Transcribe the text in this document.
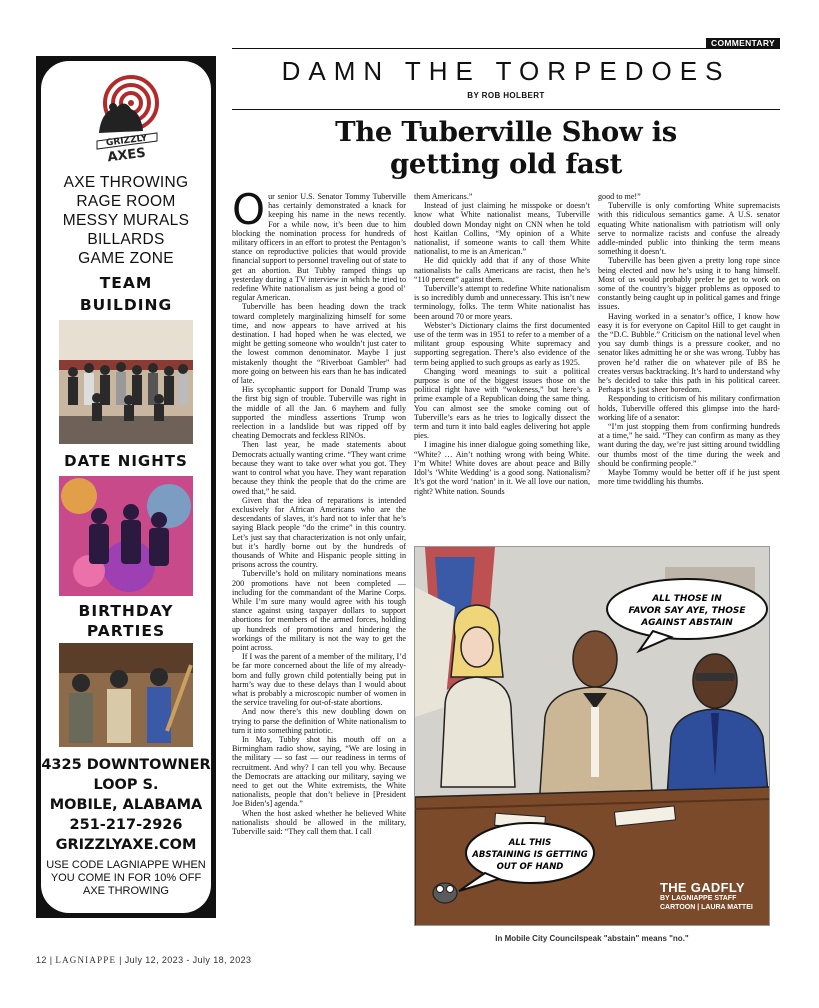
GRIZZLY
AXES
AXE THROWING
RAGE ROOM
MESSY MURALS
BILLARDS
GAME ZONE
TEAM
BUILDING
DATE NIGHTS
BIRTHDAY
PARTIES
4325 DOWNTOWNER
LOOP S.
MOBILE, ALABAMA
251-217-2926
GRIZZLYAXE.COM
USE CODE LAGNIAPPE WHEN
YOU COME IN FOR 10% OFF
AXE THROWING
COMMENTARY
DAMN THE TORPEDOES
BY ROB HOLBERT
The Tuberville Show is
getting old fast

Our senior U.S. Senator Tommy Tuberville has certainly demonstrated a knack for keeping his name in the news recently. For a while now, it’s been due to him blocking the nomination process for hundreds of military officers in an effort to protest the Pentagon’s stance on reproductive policies that would provide financial support to personnel traveling out of state to get an abortion. But Tubby ramped things up yesterday during a TV interview in which he tried to redefine White nationalism as just being a good ol’ regular American.

Tuberville has been heading down the track toward completely marginalizing himself for some time, and now appears to have arrived at his destination. I had hoped when he was elected, we might be getting someone who wouldn’t just cater to the lowest common denominator. Maybe I just mistakenly thought the “Riverboat Gambler” had more going on between his ears than he has indicated of late.

His sycophantic support for Donald Trump was the first big sign of trouble. Tuberville was right in the middle of all the Jan. 6 mayhem and fully supported the mindless assertions Trump won reelection in a landslide but was ripped off by cheating Democrats and feckless RINOs.

Then last year, he made statements about Democrats actually wanting crime. “They want crime because they want to take over what you got. They want to control what you have. They want reparation because they think the people that do the crime are owed that,” he said.

Given that the idea of reparations is intended exclusively for African Americans who are the descendants of slaves, it’s hard not to infer that he’s saying Black people “do the crime” in this country. Let’s just say that characterization is not only unfair, but it’s hardly borne out by the hundreds of thousands of White and Hispanic people sitting in prisons across the country.

Tuberville’s hold on military nominations means 200 promotions have not been completed — including for the commandant of the Marine Corps. While I’m sure many would agree with his tough stance against using taxpayer dollars to support abortions for members of the armed forces, holding up hundreds of promotions and hindering the workings of the military is not the way to get the point across.

If I was the parent of a member of the military, I’d be far more concerned about the life of my already-born and fully grown child potentially being put in harm’s way due to these delays than I would about what is probably a microscopic number of women in the service traveling for out-of-state abortions.

And now there’s this new doubling down on trying to parse the definition of White nationalism to turn it into something patriotic.

In May, Tubby shot his mouth off on a Birmingham radio show, saying, “We are losing in the military — so fast — our readiness in terms of recruitment. And why? I can tell you why. Because the Democrats are attacking our military, saying we need to get out the White extremists, the White nationalists, people that don’t believe in [President Joe Biden’s] agenda.”

When the host asked whether he believed White nationalists should be allowed in the military, Tuberville said: “They call them that. I call

them Americans.”

Instead of just claiming he misspoke or doesn’t know what White nationalist means, Tuberville doubled down Monday night on CNN when he told host Kaitlan Collins, “My opinion of a White nationalist, if someone wants to call them White nationalist, to me is an American.”

He did quickly add that if any of those White nationalists he calls Americans are racist, then he’s “110 percent” against them.

Tuberville’s attempt to redefine White nationalism is so incredibly dumb and unnecessary. This isn’t new terminology, folks. The term White nationalist has been around 70 or more years.

Webster’s Dictionary claims the first documented use of the term was in 1951 to refer to a member of a militant group espousing White supremacy and supporting segregation. There’s also evidence of the term being applied to such groups as early as 1925.

Changing word meanings to suit a political purpose is one of the biggest issues those on the political right have with “wokeness,” but here’s a prime example of a Republican doing the same thing. You can almost see the smoke coming out of Tuberville’s ears as he tries to logically dissect the term and turn it into bald eagles delivering hot apple pies.

I imagine his inner dialogue going something like, “White? … Ain’t nothing wrong with being White. I’m White! White doves are about peace and Billy Idol’s ‘White Wedding’ is a good song. Nationalism? It’s got the word ‘nation’ in it. We all love our nation, right? White nation. Sounds

good to me!”

Tuberville is only comforting White supremacists with this ridiculous semantics game. A U.S. senator equating White nationalism with patriotism will only serve to normalize racists and confuse the already addle-minded public into thinking the term means something it doesn’t.

Tuberville has been given a pretty long rope since being elected and now he’s using it to hang himself. Most of us would probably prefer he get to work on some of the country’s bigger problems as opposed to constantly being caught up in political games and fringe issues.

Having worked in a senator’s office, I know how easy it is for everyone on Capitol Hill to get caught in the “D.C. Bubble.” Criticism on the national level when you say dumb things is a pressure cooker, and no senator likes admitting he or she was wrong. Tubby has proven he’d rather die on whatever pile of BS he creates versus backtracking. It’s hard to understand why he’s decided to take this path in his political career. Perhaps it’s just sheer boredom.

Responding to criticism of his military confirmation holds, Tuberville offered this glimpse into the hard-working life of a senator:

“I’m just stopping them from confirming hundreds at a time,” he said. “They can confirm as many as they want during the day, we’re just sitting around twiddling our thumbs most of the time during the week and should be confirming people.”

Maybe Tommy would be better off if he just spent more time twiddling his thumbs.

ALL THOSE IN
FAVOR SAY AYE, THOSE
AGAINST ABSTAIN
ALL THIS
ABSTAINING IS GETTING
OUT OF HAND
THE GADFLY
BY LAGNIAPPE STAFF
CARTOON | LAURA MATTEI
In Mobile City Councilspeak "abstain" means "no."
12 | LAGNIAPPE | July 12, 2023 - July 18, 2023
